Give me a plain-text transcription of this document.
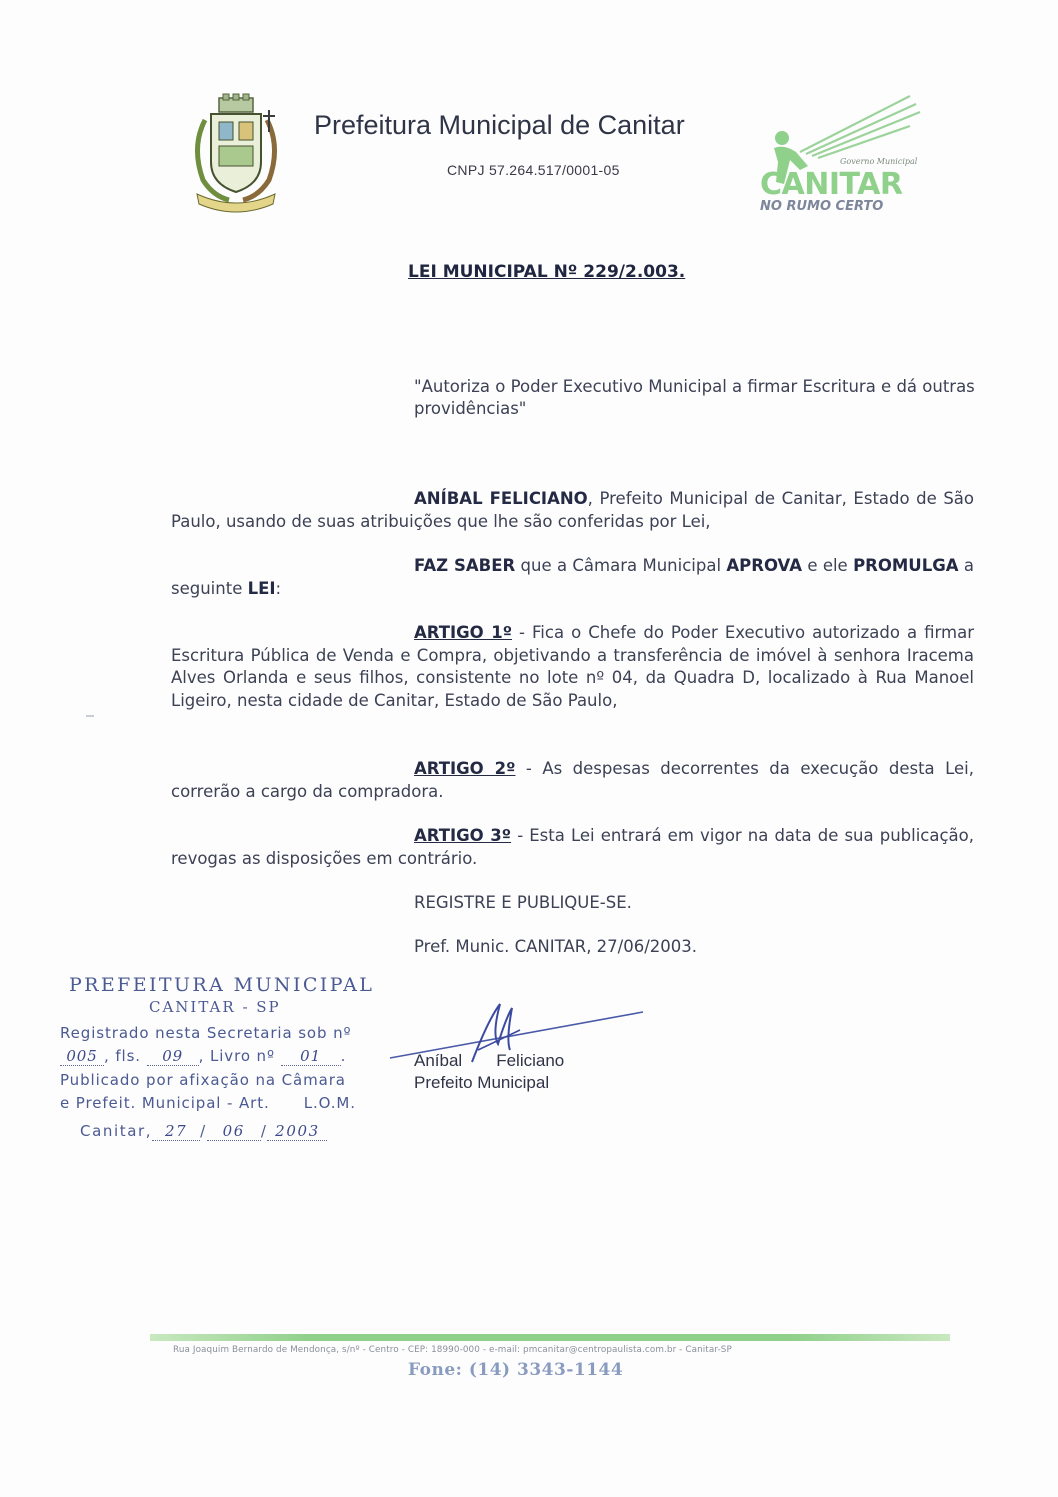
Prefeitura Municipal de Canitar
CNPJ 57.264.517/0001-05
Governo Municipal
CANITAR
NO RUMO CERTO
LEI MUNICIPAL Nº 229/2.003.
"Autoriza o Poder Executivo Municipal a firmar Escritura e dá outras providências"
ANÍBAL FELICIANO, Prefeito Municipal de Canitar, Estado de São Paulo, usando de suas atribuições que lhe são conferidas por Lei,
FAZ SABER que a Câmara Municipal APROVA e ele PROMULGA a seguinte LEI:
ARTIGO 1º - Fica o Chefe do Poder Executivo autorizado a firmar Escritura Pública de Venda e Compra, objetivando a transferência de imóvel à senhora Iracema Alves Orlanda e seus filhos, consistente no lote nº 04, da Quadra D, localizado à Rua Manoel Ligeiro, nesta cidade de Canitar, Estado de São Paulo,
ARTIGO 2º - As despesas decorrentes da execução desta Lei, correrão a cargo da compradora.
ARTIGO 3º - Esta Lei entrará em vigor na data de sua publicação, revogas as disposições em contrário.
REGISTRE E PUBLIQUE-SE.
Pref. Munic. CANITAR, 27/06/2003.
PREFEITURA MUNICIPAL
CANITAR - SP
Registrado nesta Secretaria sob nº
005 , fls. 09 , Livro nº 01 .
Publicado por afixação na Câmara
e Prefeit. Municipal - Art. L.O.M.
Canitar, 27 / 06 / 2003
Aníbal Feliciano
Prefeito Municipal
Rua Joaquim Bernardo de Mendonça, s/nº - Centro - CEP: 18990-000 - e-mail: pmcanitar@centropaulista.com.br - Canitar-SP
Fone: (14) 3343-1144
